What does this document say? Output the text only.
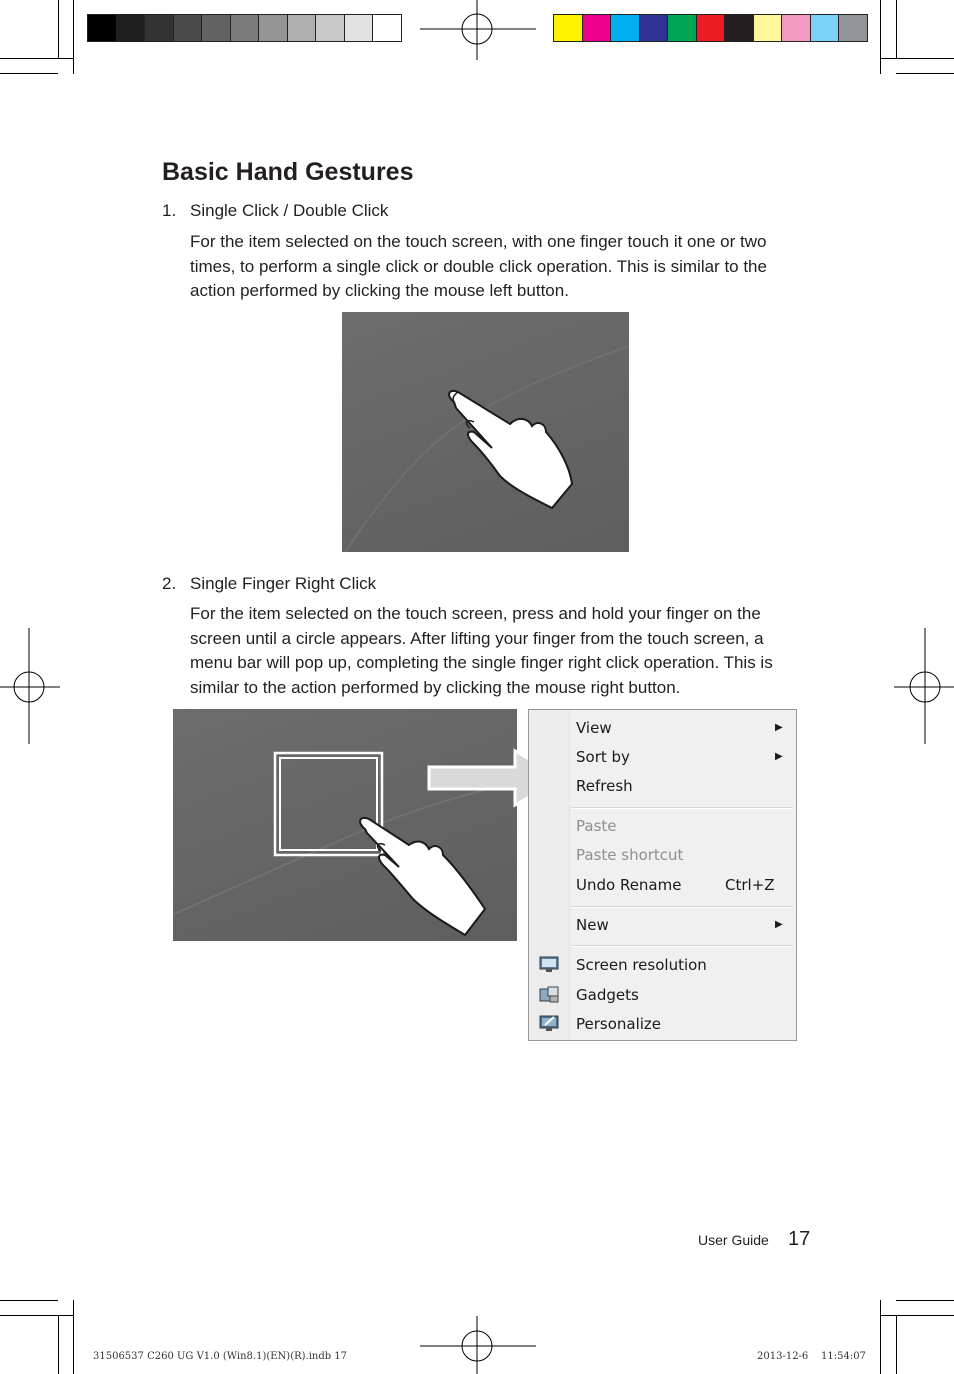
Basic Hand Gestures
1. Single Click / Double Click
For the item selected on the touch screen, with one finger touch it one or two times, to perform a single click or double click operation. This is similar to the action performed by clicking the mouse left button.
2. Single Finger Right Click
For the item selected on the touch screen, press and hold your finger on the screen until a circle appears. After lifting your finger from the touch screen, a menu bar will pop up, completing the single finger right click operation. This is similar to the action performed by clicking the mouse right button.
View	▶
Sort by	▶
Refresh
Paste
Paste shortcut
Undo Rename	Ctrl+Z
New	▶
Screen resolution
Gadgets
Personalize
User Guide 17
31506537 C260 UG V1.0 (Win8.1)(EN)(R).indb 17	2013-12-6    11:54:07
